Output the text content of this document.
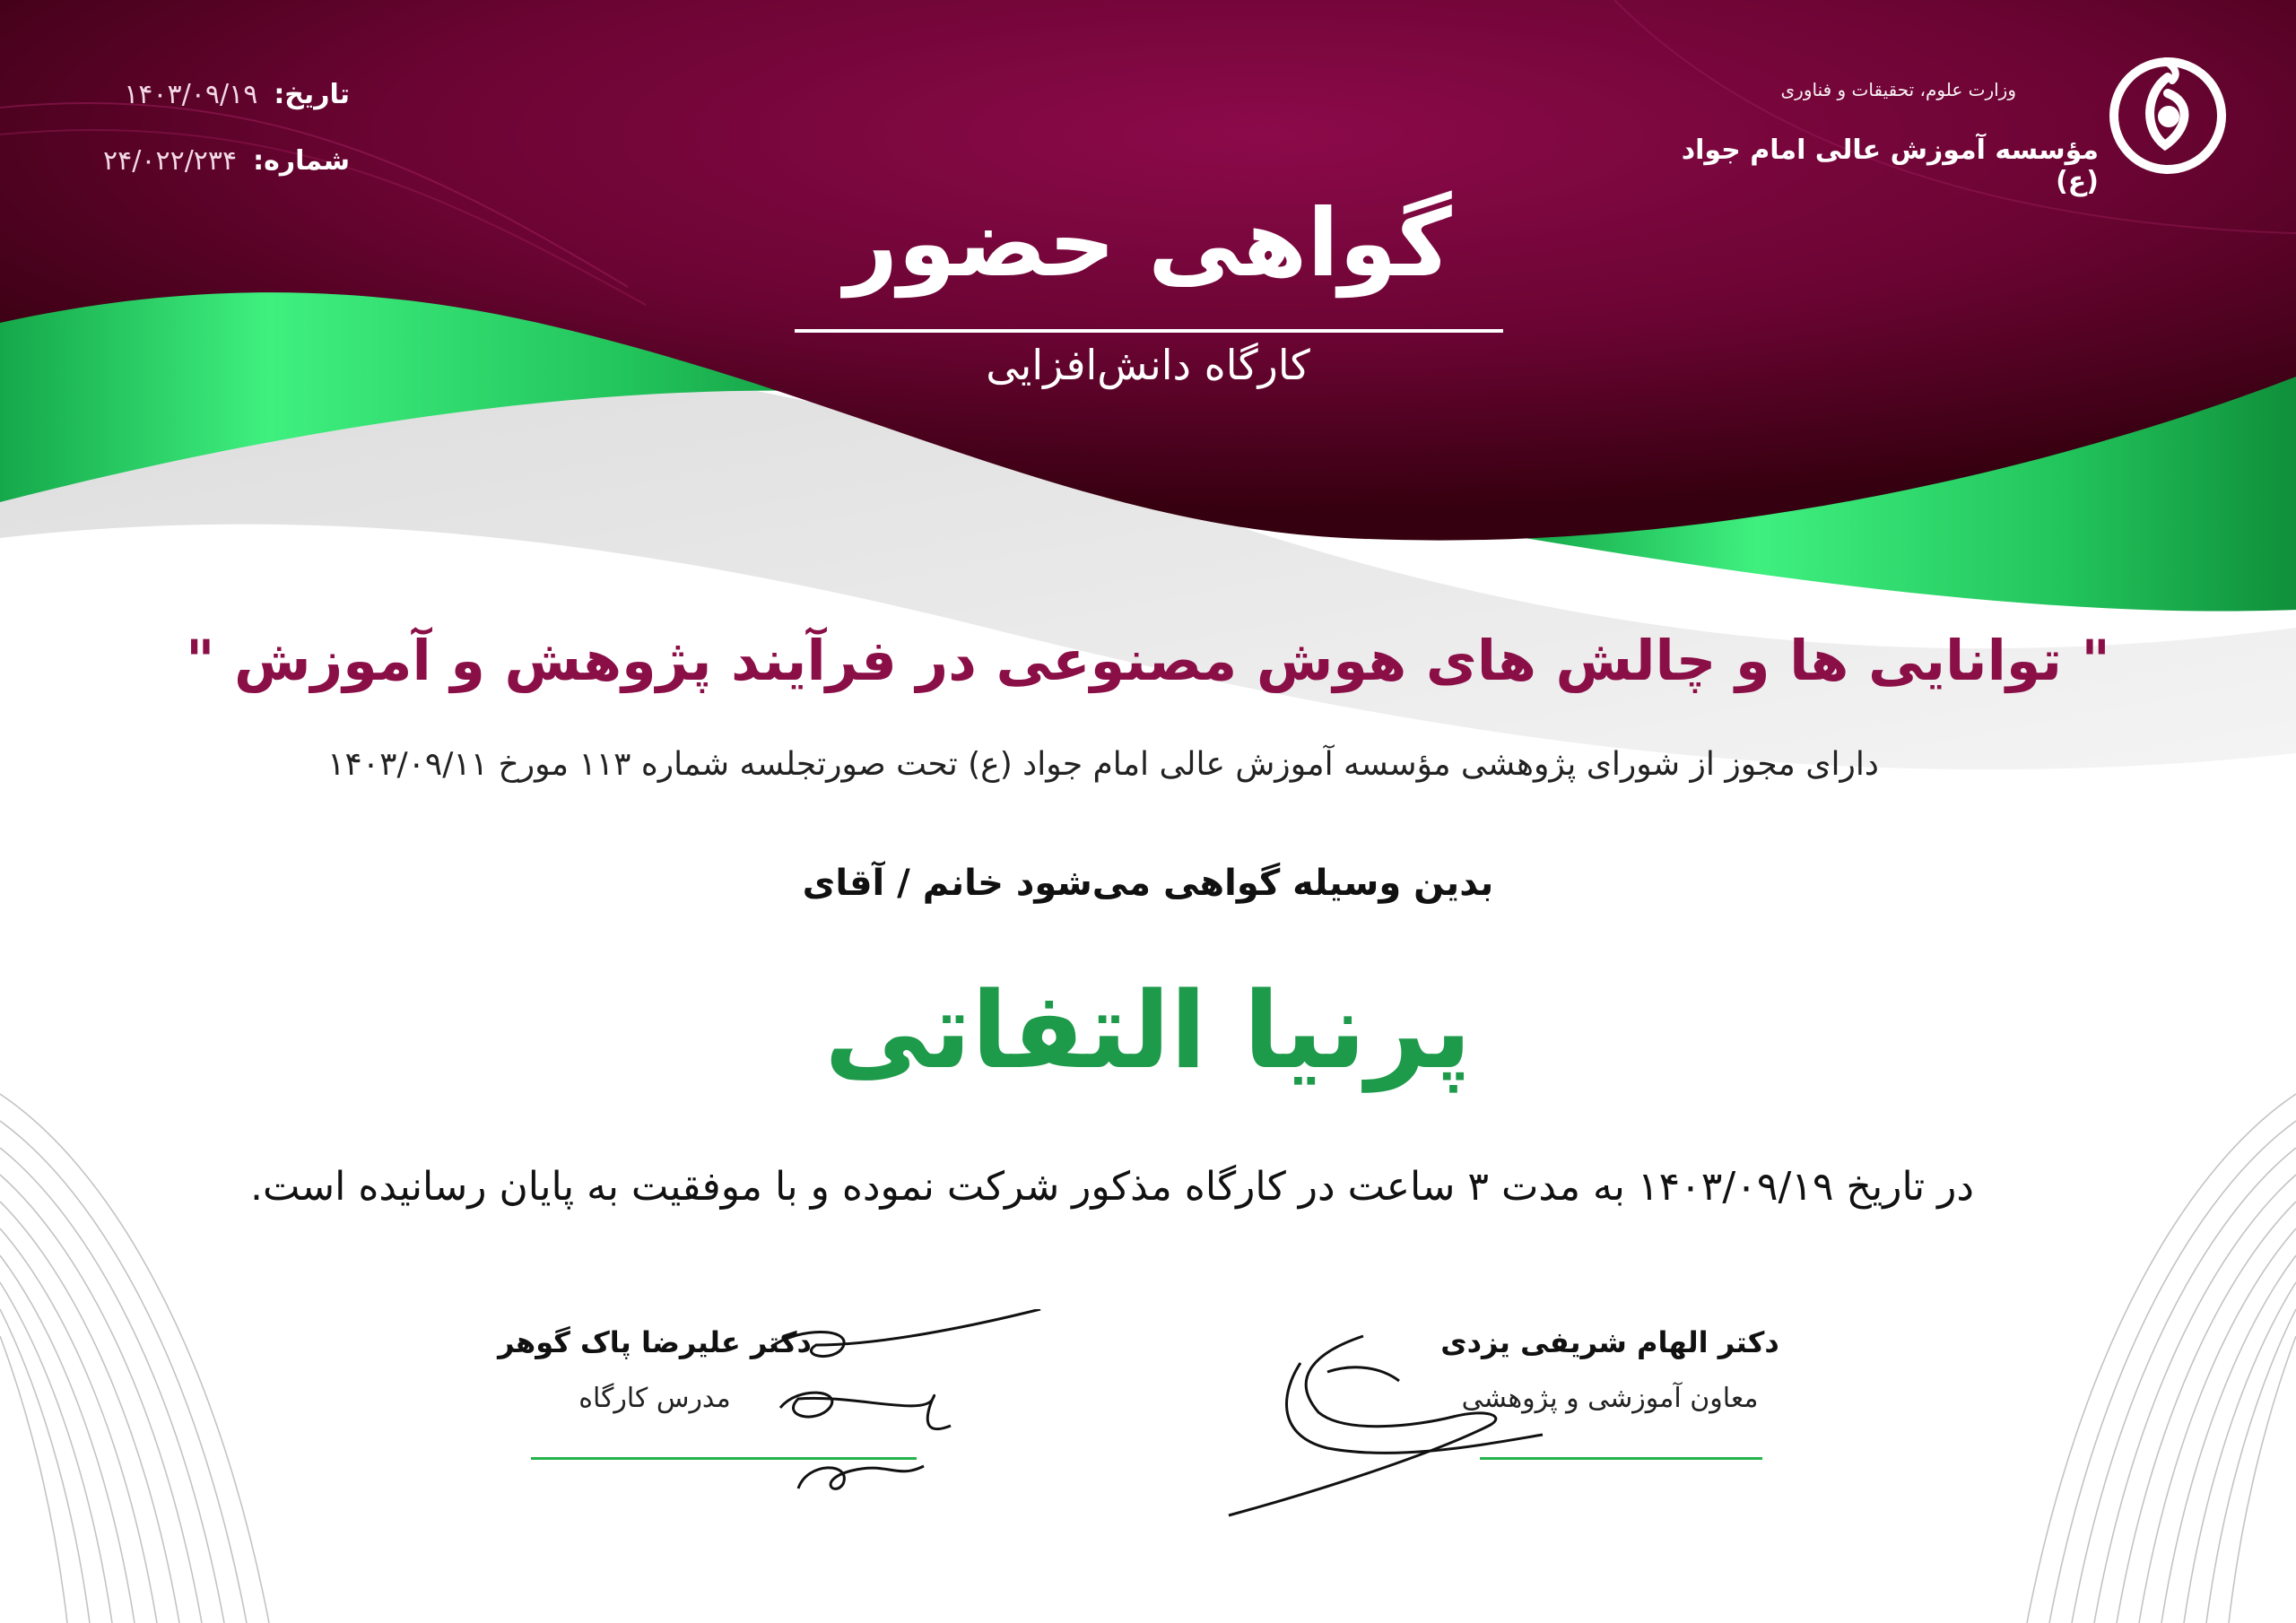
تاریخ:
۱۴۰۳/۰۹/۱۹
شماره:
۲۴/۰۲۲/۲۳۴
وزارت علوم، تحقیقات و فناوری
مؤسسه آموزش عالی امام جواد (ع)
گواهی حضور
کارگاه دانش‌افزایی
" توانایی ها و چالش های هوش مصنوعی در فرآیند پژوهش و آموزش "
دارای مجوز از شورای پژوهشی مؤسسه آموزش عالی امام جواد (ع) تحت صورتجلسه شماره ۱۱۳ مورخ ۱۴۰۳/۰۹/۱۱
بدین وسیله گواهی می‌شود خانم / آقای
پرنیا التفاتی
در تاریخ ۱۴۰۳/۰۹/۱۹ به مدت ۳ ساعت در کارگاه مذکور شرکت نموده و با موفقیت به پایان رسانیده است.
دکتر علیرضا پاک گوهر
مدرس کارگاه
دکتر الهام شریفی یزدی
معاون آموزشی و پژوهشی
